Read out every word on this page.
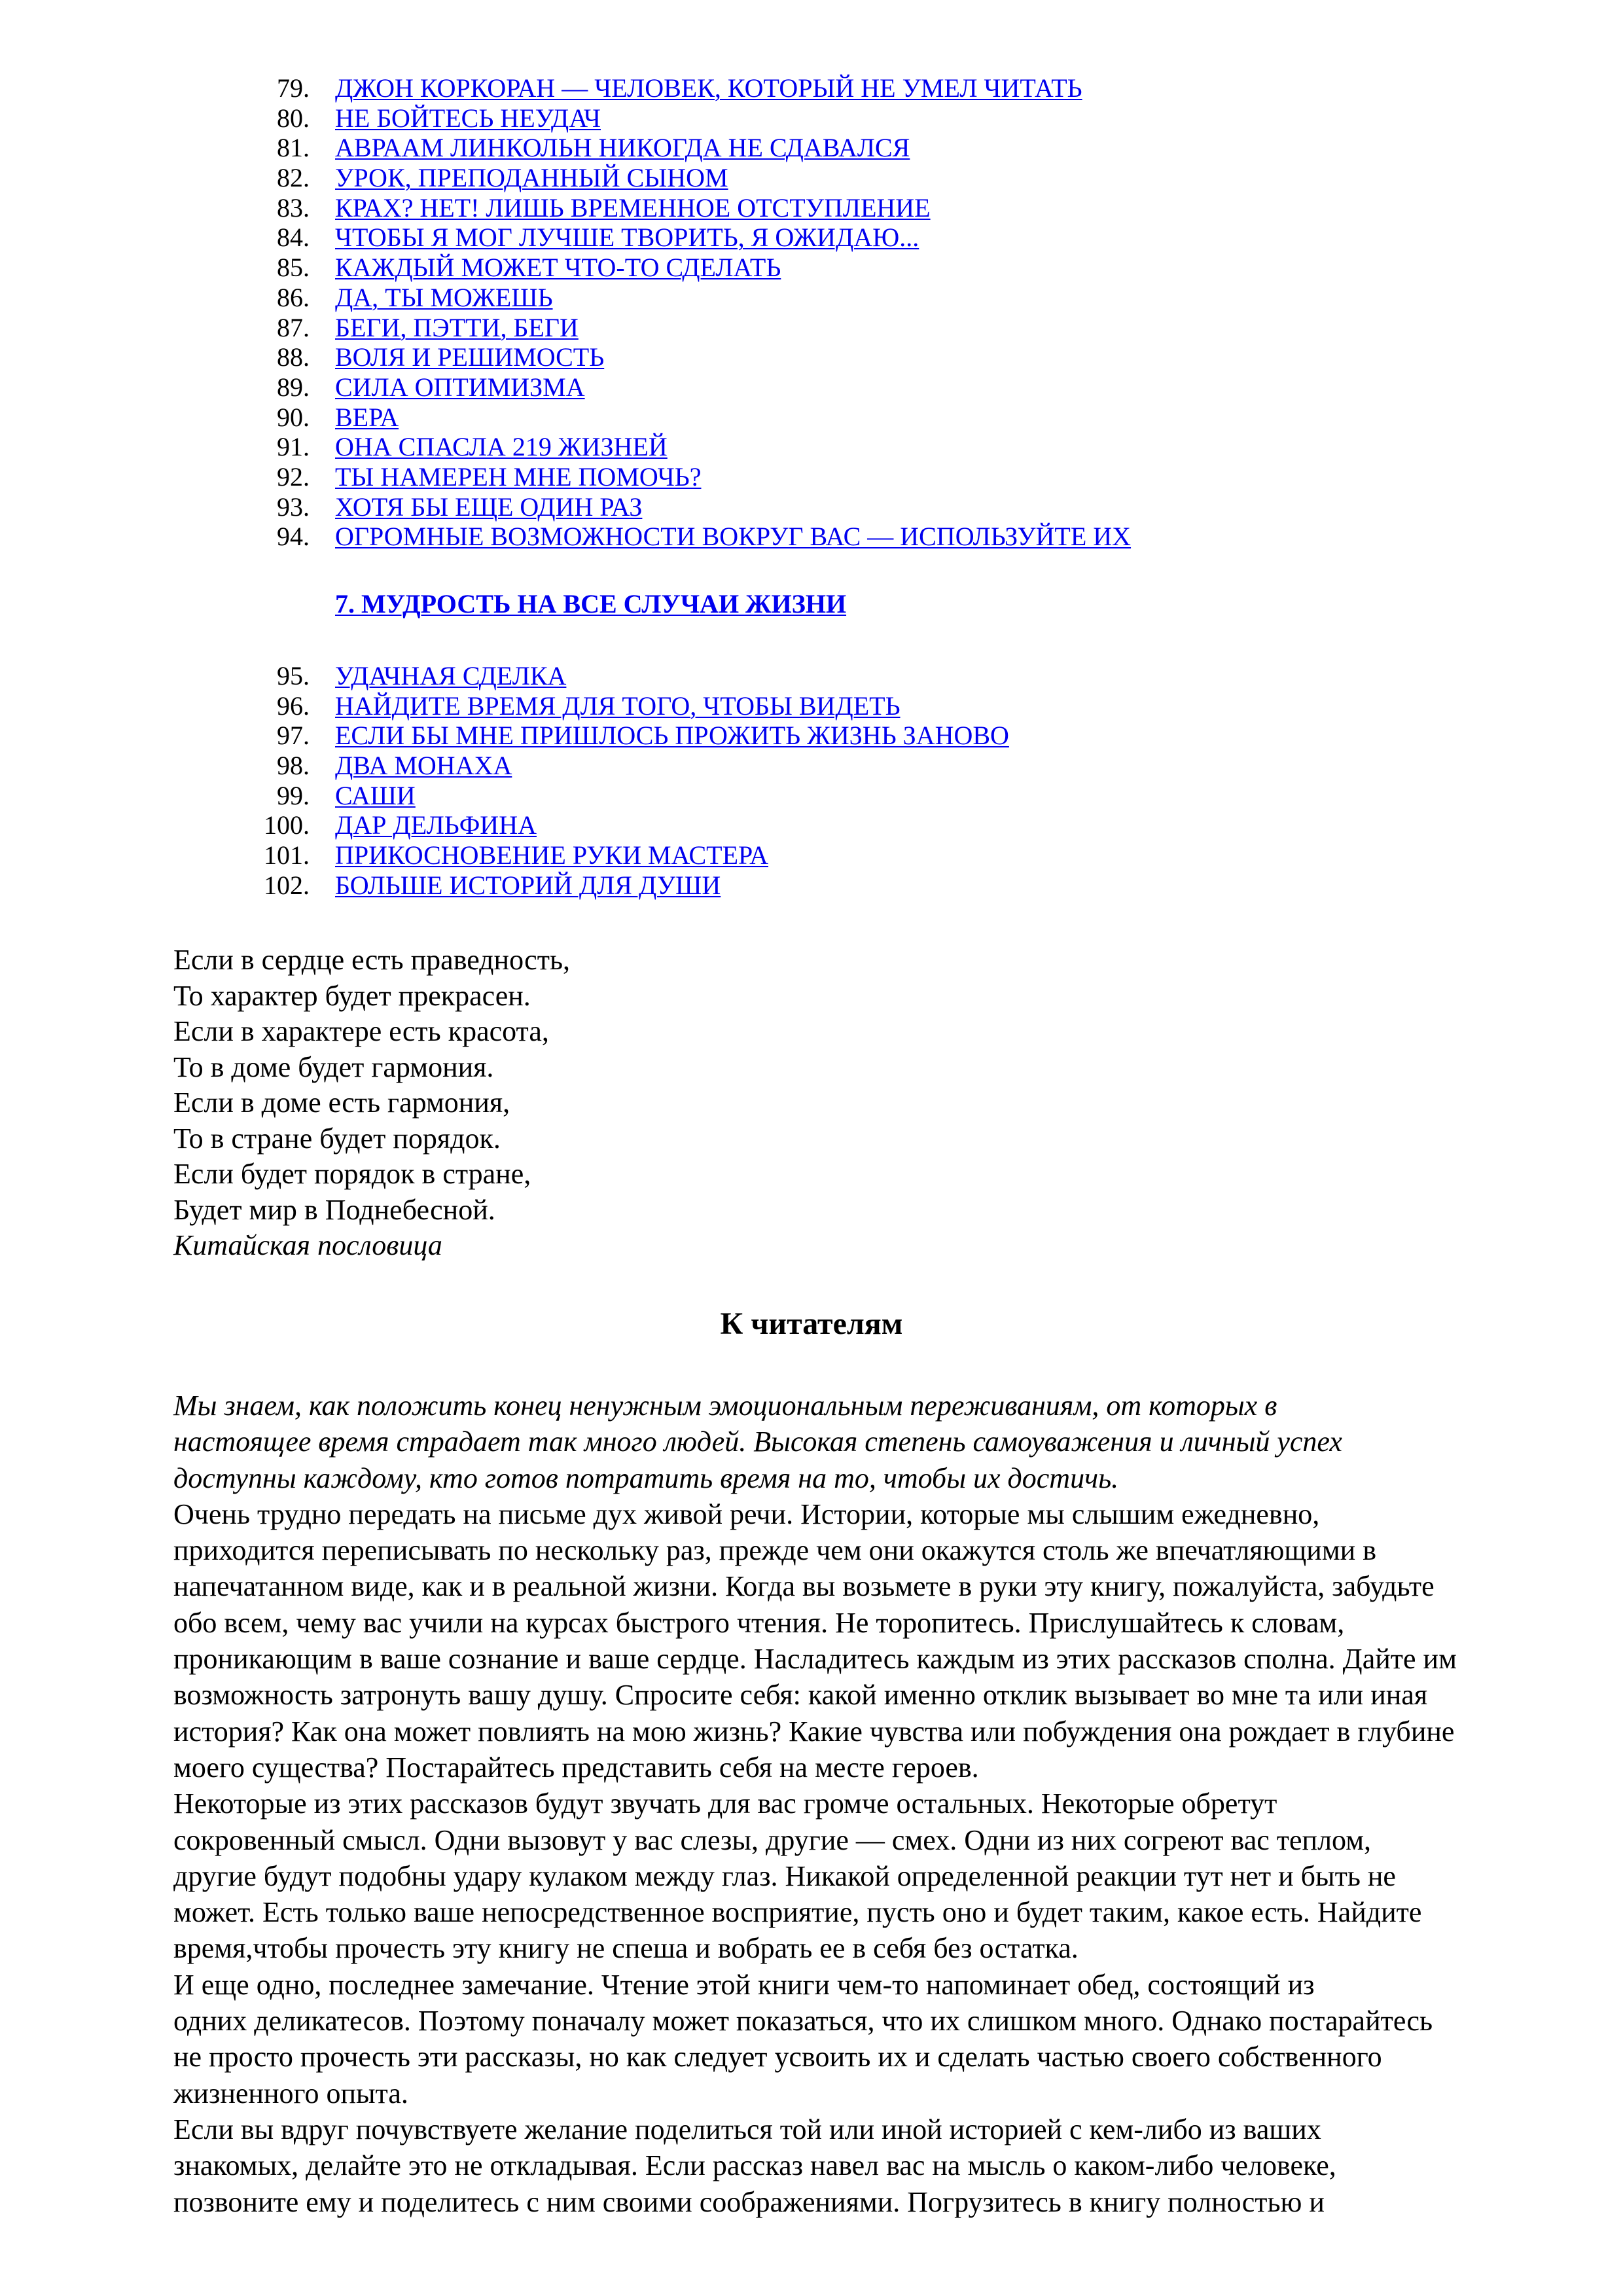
79. ДЖОН КОРКОРАН — ЧЕЛОВЕК, КОТОРЫЙ НЕ УМЕЛ ЧИТАТЬ
80. НЕ БОЙТЕСЬ НЕУДАЧ
81. АВРААМ ЛИНКОЛЬН НИКОГДА НЕ СДАВАЛСЯ
82. УРОК, ПРЕПОДАННЫЙ СЫНОМ
83. КРАХ? НЕТ! ЛИШЬ ВРЕМЕННОЕ ОТСТУПЛЕНИЕ
84. ЧТОБЫ Я МОГ ЛУЧШЕ ТВОРИТЬ, Я ОЖИДАЮ...
85. КАЖДЫЙ МОЖЕТ ЧТО-ТО СДЕЛАТЬ
86. ДА, ТЫ МОЖЕШЬ
87. БЕГИ, ПЭТТИ, БЕГИ
88. ВОЛЯ И РЕШИМОСТЬ
89. СИЛА ОПТИМИЗМА
90. ВЕРА
91. ОНА СПАСЛА 219 ЖИЗНЕЙ
92. ТЫ НАМЕРЕН МНЕ ПОМОЧЬ?
93. ХОТЯ БЫ ЕЩЕ ОДИН РАЗ
94. ОГРОМНЫЕ ВОЗМОЖНОСТИ ВОКРУГ ВАС — ИСПОЛЬЗУЙТЕ ИХ
7. МУДРОСТЬ НА ВСЕ СЛУЧАИ ЖИЗНИ
95. УДАЧНАЯ СДЕЛКА
96. НАЙДИТЕ ВРЕМЯ ДЛЯ ТОГО, ЧТОБЫ ВИДЕТЬ
97. ЕСЛИ БЫ МНЕ ПРИШЛОСЬ ПРОЖИТЬ ЖИЗНЬ ЗАНОВО
98. ДВА МОНАХА
99. САШИ
100. ДАР ДЕЛЬФИНА
101. ПРИКОСНОВЕНИЕ РУКИ МАСТЕРА
102. БОЛЬШЕ ИСТОРИЙ ДЛЯ ДУШИ
Если в сердце есть праведность,
То характер будет прекрасен.
Если в характере есть красота,
То в доме будет гармония.
Если в доме есть гармония,
То в стране будет порядок.
Если будет порядок в стране,
Будет мир в Поднебесной.
Китайская пословица
К читателям

Мы знаем, как положить конец ненужным эмоциональным переживаниям, от которых в
настоящее время страдает так много людей. Высокая степень самоуважения и личный успех
доступны каждому, кто готов потратить время на то, чтобы их достичь.

Очень трудно передать на письме дух живой речи. Истории, которые мы слышим ежедневно,
приходится переписывать по нескольку раз, прежде чем они окажутся столь же впечатляющими в
напечатанном виде, как и в реальной жизни. Когда вы возьмете в руки эту книгу, пожалуйста, забудьте
обо всем, чему вас учили на курсах быстрого чтения. Не торопитесь. Прислушайтесь к словам,
проникающим в ваше сознание и ваше сердце. Насладитесь каждым из этих рассказов сполна. Дайте им
возможность затронуть вашу душу. Спросите себя: какой именно отклик вызывает во мне та или иная
история? Как она может повлиять на мою жизнь? Какие чувства или побуждения она рождает в глубине
моего существа? Постарайтесь представить себя на месте героев.

Некоторые из этих рассказов будут звучать для вас громче остальных. Некоторые обретут
сокровенный смысл. Одни вызовут у вас слезы, другие — смех. Одни из них согреют вас теплом,
другие будут подобны удару кулаком между глаз. Никакой определенной реакции тут нет и быть не
может. Есть только ваше непосредственное восприятие, пусть оно и будет таким, какое есть. Найдите
время,чтобы прочесть эту книгу не спеша и вобрать ее в себя без остатка.

И еще одно, последнее замечание. Чтение этой книги чем-то напоминает обед, состоящий из
одних деликатесов. Поэтому поначалу может показаться, что их слишком много. Однако постарайтесь
не просто прочесть эти рассказы, но как следует усвоить их и сделать частью своего собственного
жизненного опыта.

Если вы вдруг почувствуете желание поделиться той или иной историей с кем-либо из ваших
знакомых, делайте это не откладывая. Если рассказ навел вас на мысль о каком-либо человеке,
позвоните ему и поделитесь с ним своими соображениями. Погрузитесь в книгу полностью и
